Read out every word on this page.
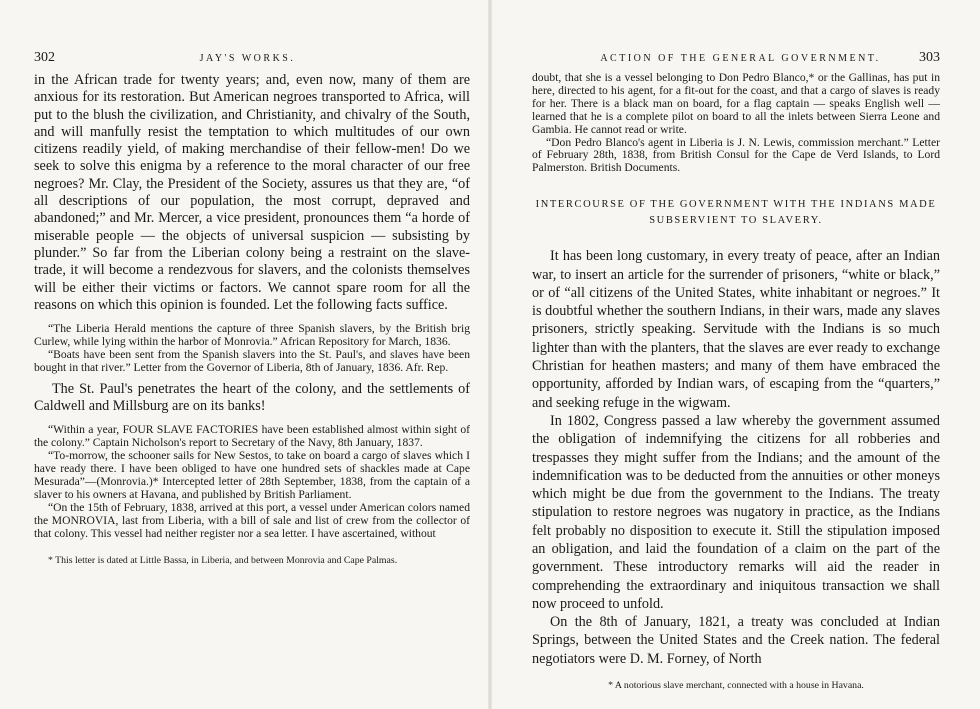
302	JAY'S WORKS.

in the African trade for twenty years; and, even now, many of them are anxious for its restoration. But American negroes transported to Africa, will put to the blush the civilization, and Christianity, and chivalry of the South, and will manfully resist the temptation to which multitudes of our own citizens readily yield, of making merchandise of their fellow-men! Do we seek to solve this enigma by a reference to the moral character of our free negroes? Mr. Clay, the President of the Society, assures us that they are, “of all descriptions of our population, the most corrupt, depraved and abandoned;” and Mr. Mercer, a vice president, pronounces them “a horde of miserable people — the objects of universal suspicion — subsisting by plunder.” So far from the Liberian colony being a restraint on the slave-trade, it will become a rendezvous for slavers, and the colonists themselves will be either their victims or factors. We cannot spare room for all the reasons on which this opinion is founded. Let the following facts suffice.

“The Liberia Herald mentions the capture of three Spanish slavers, by the British brig Curlew, while lying within the harbor of Monrovia.” African Repository for March, 1836.

“Boats have been sent from the Spanish slavers into the St. Paul's, and slaves have been bought in that river.” Letter from the Governor of Liberia, 8th of January, 1836. Afr. Rep.

The St. Paul's penetrates the heart of the colony, and the settlements of Caldwell and Millsburg are on its banks!

“Within a year, FOUR SLAVE FACTORIES have been established almost within sight of the colony.” Captain Nicholson's report to Secretary of the Navy, 8th January, 1837.

“To-morrow, the schooner sails for New Sestos, to take on board a cargo of slaves which I have ready there. I have been obliged to have one hundred sets of shackles made at Cape Mesurada”—(Monrovia.)* Intercepted letter of 28th September, 1838, from the captain of a slaver to his owners at Havana, and published by British Parliament.

“On the 15th of February, 1838, arrived at this port, a vessel under American colors named the MONROVIA, last from Liberia, with a bill of sale and list of crew from the collector of that colony. This vessel had neither register nor a sea letter. I have ascertained, without

* This letter is dated at Little Bassa, in Liberia, and between Monrovia and Cape Palmas.

ACTION OF THE GENERAL GOVERNMENT.	303

doubt, that she is a vessel belonging to Don Pedro Blanco,* or the Gallinas, has put in here, directed to his agent, for a fit-out for the coast, and that a cargo of slaves is ready for her. There is a black man on board, for a flag captain — speaks English well — learned that he is a complete pilot on board to all the inlets between Sierra Leone and Gambia. He cannot read or write.

“Don Pedro Blanco's agent in Liberia is J. N. Lewis, commission merchant.” Letter of February 28th, 1838, from British Consul for the Cape de Verd Islands, to Lord Palmerston. British Documents.

INTERCOURSE OF THE GOVERNMENT WITH THE INDIANS MADE SUBSERVIENT TO SLAVERY.

It has been long customary, in every treaty of peace, after an Indian war, to insert an article for the surrender of prisoners, “white or black,” or of “all citizens of the United States, white inhabitant or negroes.” It is doubtful whether the southern Indians, in their wars, made any slaves prisoners, strictly speaking. Servitude with the Indians is so much lighter than with the planters, that the slaves are ever ready to exchange Christian for heathen masters; and many of them have embraced the opportunity, afforded by Indian wars, of escaping from the “quarters,” and seeking refuge in the wigwam.

In 1802, Congress passed a law whereby the government assumed the obligation of indemnifying the citizens for all robberies and trespasses they might suffer from the Indians; and the amount of the indemnification was to be deducted from the annuities or other moneys which might be due from the government to the Indians. The treaty stipulation to restore negroes was nugatory in practice, as the Indians felt probably no disposition to execute it. Still the stipulation imposed an obligation, and laid the foundation of a claim on the part of the government. These introductory remarks will aid the reader in comprehending the extraordinary and iniquitous transaction we shall now proceed to unfold.

On the 8th of January, 1821, a treaty was concluded at Indian Springs, between the United States and the Creek nation. The federal negotiators were D. M. Forney, of North

* A notorious slave merchant, connected with a house in Havana.
